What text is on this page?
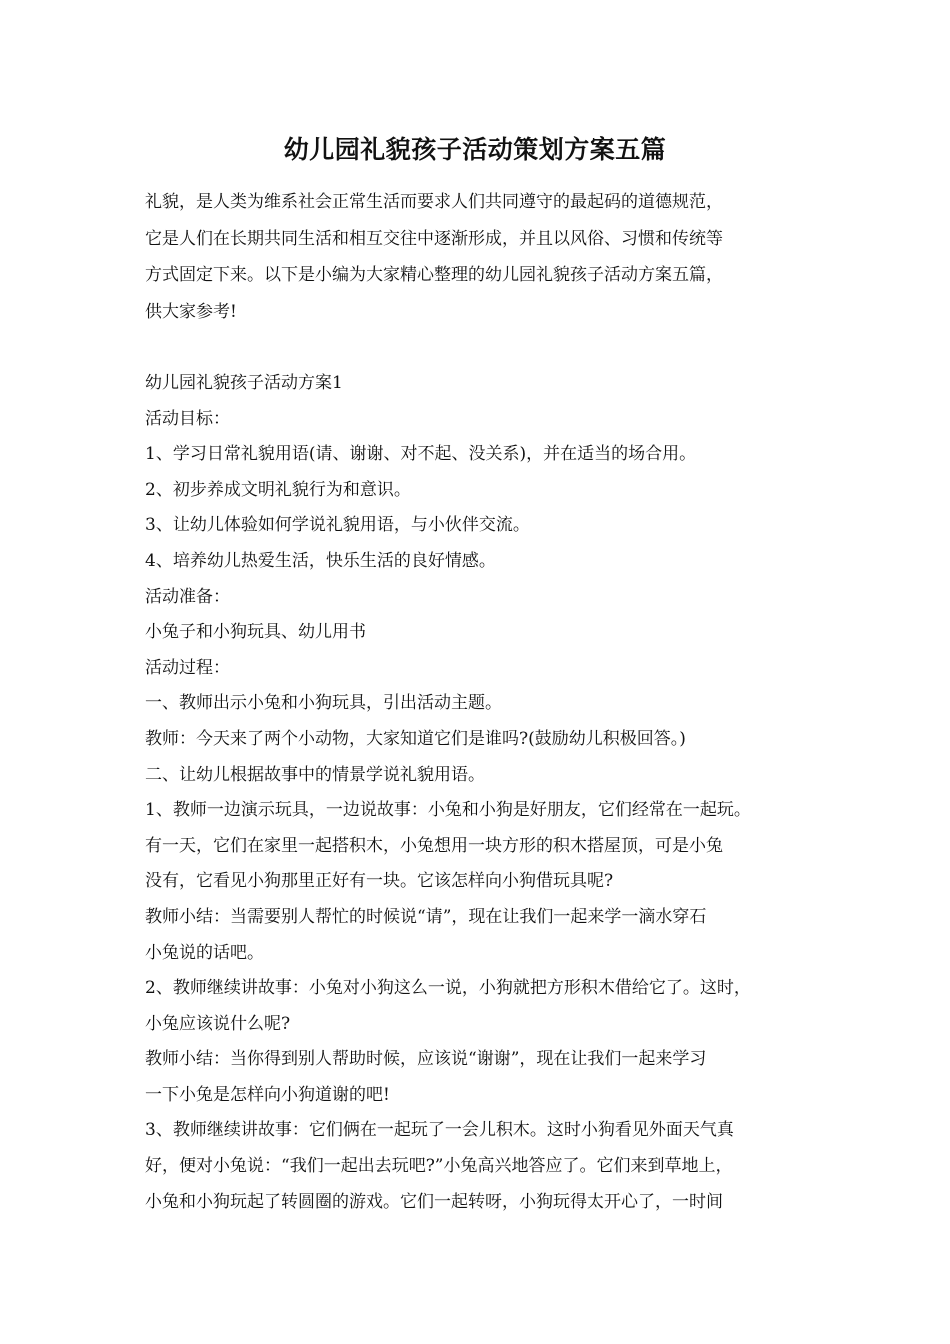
幼儿园礼貌孩子活动策划方案五篇

礼貌，是人类为维系社会正常生活而要求人们共同遵守的最起码的道德规范，

它是人们在长期共同生活和相互交往中逐渐形成，并且以风俗、习惯和传统等

方式固定下来。以下是小编为大家精心整理的幼儿园礼貌孩子活动方案五篇，

供大家参考!

幼儿园礼貌孩子活动方案1

活动目标：

1、学习日常礼貌用语(请、谢谢、对不起、没关系)，并在适当的场合用。

2、初步养成文明礼貌行为和意识。

3、让幼儿体验如何学说礼貌用语，与小伙伴交流。

4、培养幼儿热爱生活，快乐生活的良好情感。

活动准备：

小兔子和小狗玩具、幼儿用书

活动过程：

一、教师出示小兔和小狗玩具，引出活动主题。

教师：今天来了两个小动物，大家知道它们是谁吗?(鼓励幼儿积极回答。)

二、让幼儿根据故事中的情景学说礼貌用语。

1、教师一边演示玩具，一边说故事：小兔和小狗是好朋友，它们经常在一起玩。

有一天，它们在家里一起搭积木，小兔想用一块方形的积木搭屋顶，可是小兔

没有，它看见小狗那里正好有一块。它该怎样向小狗借玩具呢?

教师小结：当需要别人帮忙的时候说“请”，现在让我们一起来学一滴水穿石

小兔说的话吧。

2、教师继续讲故事：小兔对小狗这么一说，小狗就把方形积木借给它了。这时，

小兔应该说什么呢?

教师小结：当你得到别人帮助时候，应该说“谢谢”，现在让我们一起来学习

一下小兔是怎样向小狗道谢的吧!

3、教师继续讲故事：它们俩在一起玩了一会儿积木。这时小狗看见外面天气真

好，便对小兔说：“我们一起出去玩吧?”小兔高兴地答应了。它们来到草地上，

小兔和小狗玩起了转圆圈的游戏。它们一起转呀，小狗玩得太开心了，一时间
